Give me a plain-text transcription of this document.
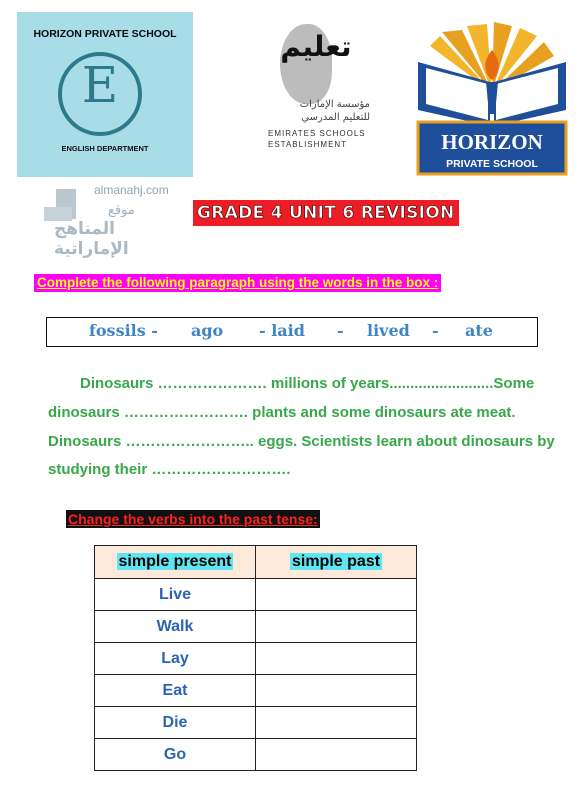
HORIZON PRIVATE SCHOOL
E
ENGLISH DEPARTMENT
تعليم
مؤسسة الإمارات
للتعليم المدرسي
EMIRATES SCHOOLS
ESTABLISHMENT	HORIZON
PRIVATE SCHOOL
almanahj.com
موقع
المناهج الإماراتية
GRADE 4 UNIT 6 REVISION
Complete the following paragraph using the words in the box :
fossils - ago - laid - lived - ate
Dinosaurs …………………. millions of years.........................Some
dinosaurs ……………………. plants and some dinosaurs ate meat.
Dinosaurs …………………….. eggs. Scientists learn about dinosaurs by
studying their ……………………….
Change the verbs into the past tense:
simple present	simple past
Live	
Walk	
Lay	
Eat	
Die	
Go	
